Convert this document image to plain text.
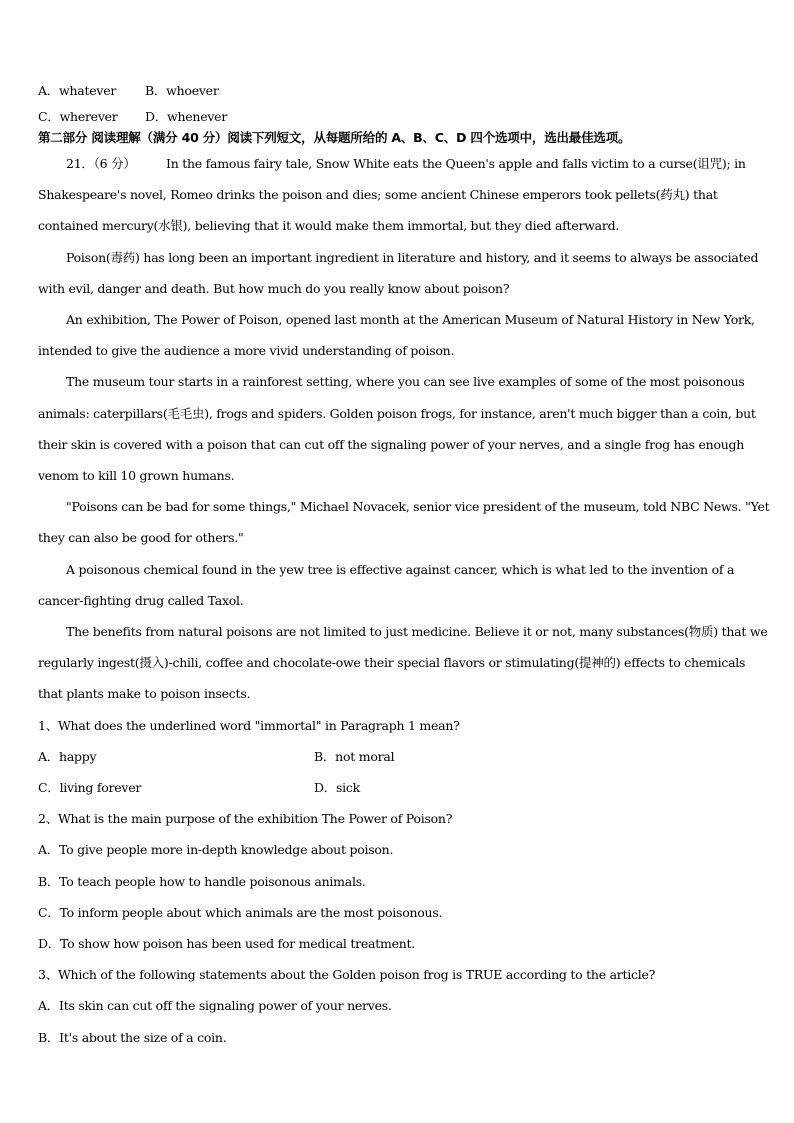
A．whatever B．whoever
C．wherever D．whenever
第二部分 阅读理解（满分 40 分）阅读下列短文，从每题所给的 A、B、C、D 四个选项中，选出最佳选项。
21．（6 分） In the famous fairy tale, Snow White eats the Queen's apple and falls victim to a curse(诅咒); in
Shakespeare's novel, Romeo drinks the poison and dies; some ancient Chinese emperors took pellets(药丸) that
contained mercury(水银), believing that it would make them immortal, but they died afterward.
Poison(毒药) has long been an important ingredient in literature and history, and it seems to always be associated
with evil, danger and death. But how much do you really know about poison?
An exhibition, The Power of Poison, opened last month at the American Museum of Natural History in New York,
intended to give the audience a more vivid understanding of poison.
The museum tour starts in a rainforest setting, where you can see live examples of some of the most poisonous
animals: caterpillars(毛毛虫), frogs and spiders. Golden poison frogs, for instance, aren't much bigger than a coin, but
their skin is covered with a poison that can cut off the signaling power of your nerves, and a single frog has enough
venom to kill 10 grown humans.
"Poisons can be bad for some things," Michael Novacek, senior vice president of the museum, told NBC News. "Yet
they can also be good for others."
A poisonous chemical found in the yew tree is effective against cancer, which is what led to the invention of a
cancer-fighting drug called Taxol.
The benefits from natural poisons are not limited to just medicine. Believe it or not, many substances(物质) that we
regularly ingest(摄入)-chili, coffee and chocolate-owe their special flavors or stimulating(提神的) effects to chemicals
that plants make to poison insects.
1、What does the underlined word "immortal" in Paragraph 1 mean?
A．happy	B．not moral
C．living forever	D．sick
2、What is the main purpose of the exhibition The Power of Poison?
A．To give people more in-depth knowledge about poison.
B．To teach people how to handle poisonous animals.
C．To inform people about which animals are the most poisonous.
D．To show how poison has been used for medical treatment.
3、Which of the following statements about the Golden poison frog is TRUE according to the article?
A．Its skin can cut off the signaling power of your nerves.
B．It's about the size of a coin.
